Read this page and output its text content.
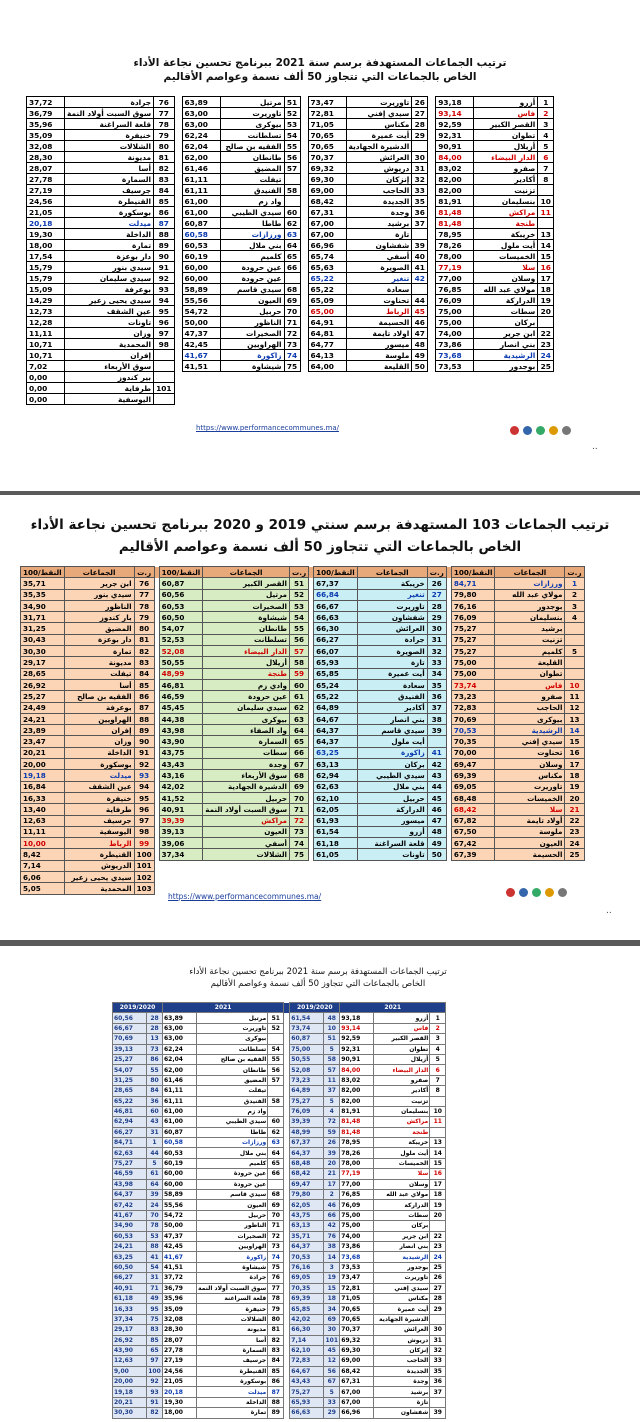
ترتيب الجماعات المستهدفة برسم سنة 2021 ببرنامج تحسين نجاعة الأداء
الخاص بالجماعات التي تتجاوز 50 ألف نسمة وعواصم الأقاليم
1	أزرو	93,18		26	تاوريرت	73,47		51	مرتيل	63,89		76	جرادة	37,72
2	فاس	93,14		27	سيدي إفني	72,81		52	تاوريرت	63,00		77	سوق السبت أولاد النمة	36,79
3	القصر الكبير	92,59		28	مكناس	71,05		53	بيوكرى	63,00		78	قلعة السراغنة	35,96
4	تطوان	92,31		29	أيت عميرة	70,65		54	تسلطانت	62,24		79	خنيفرة	35,09
5	أزيلال	90,91			الدشيرة الجهادية	70,65		55	الفقيه بن صالح	62,04		80	الشلالات	32,08
6	الدار البيضاء	84,00		30	العرائش	70,37		56	طانطان	62,00		81	مديونة	28,30
7	صفرو	83,02		31	دريوش	69,32		57	المضيق	61,46		82	أسا	28,07
8	أكادير	82,00		32	إنزكان	69,30			تيفلت	61,11		83	السمارة	27,78
	تزنيت	82,00		33	الحاجب	69,00		58	الفنيدق	61,11		84	جرسيف	27,19
10	بنسليمان	81,91		35	الجديدة	68,42			واد زم	61,00		85	القنيطرة	24,56
11	مراكش	81,48		36	وجدة	67,31		60	سيدي الطيبي	61,00		86	بوسكورة	21,05
	طنجة	81,48		37	برشيد	67,00		62	طاطا	60,87		87	ميدلت	20,18
13	خريبكة	78,95			تازة	67,00		63	ورزازات	60,58		88	الداخلة	19,30
14	أيت ملول	78,26		39	شفشاون	66,96		64	بني ملال	60,53		89	تمارة	18,00
15	الخميسات	78,00		40	أسفي	65,74		65	كلميم	60,19		90	دار بوعزة	17,54
16	سلا	77,19		41	الصويرة	65,63		66	عين حرودة	60,00		91	سيدي بنور	15,79
17	وسلان	77,00		42	تنغير	65,22			عين حرودة	60,00		92	سيدي سليمان	15,79
18	مولاي عبد الله	76,85			سعادة	65,22		68	سيدي قاسم	58,89		93	بوعرفة	15,09
19	الدراركة	76,09		44	تحناوت	65,09		69	العيون	55,56		94	سيدي يحيى زعير	14,29
20	سطات	75,00		45	الرباط	65,00		70	حربيل	54,72		95	عين الشقف	12,73
	بركان	75,00		46	الحسيمة	64,91		71	الناظور	50,00		96	تاونات	12,28
22	ابن جرير	74,00		47	اولاد تايمة	64,81		72	الصخيرات	47,37		97	وزان	11,11
23	بني انصار	73,86		48	ميسور	64,77		73	الهراويين	42,45		98	المحمدية	10,71
24	الرشيدية	73,68		49	ملوسة	64,13		74	زاكورة	41,67			إفران	10,71
25	بوجدور	73,53		50	القليعة	64,00		75	شيشاوة	41,51			سوق الأربعاء	7,02
													بير كندوز	0,00
												101	طرفاية	0,00
													اليوسفية	0,00
https://www.performancecommunes.ma/
..
ترتيب الجماعات 103 المستهدفة برسم سنتي 2019 و 2020 ببرنامج تحسين نجاعة الأداء
الخاص بالجماعات التي تتجاوز 50 ألف نسمة وعواصم الأقاليم
ر.ت	الجماعات	النقط/100		ر.ت	الجماعات	النقط/100		ر.ت	الجماعات	النقط/100		ر.ت	الجماعات	النقط/100
1	ورزازات	84,71		26	خريبكة	67,37		51	القصر الكبير	60,87		76	ابن جرير	35,71
2	مولاي عبد الله	79,80		27	تنغير	66,84		52	مرتيل	60,56		77	سيدي بنور	35,35
3	بوجدور	76,16		28	تاوريرت	66,67		53	الصخيرات	60,53		78	الناظور	34,90
4	بنسليمان	76,09		29	شفشاون	66,63		54	شيشاوة	60,50		79	بار كندوز	31,71
	برشيد	75,27		30	العرائش	66,30		55	طانطان	54,07		80	المضيق	31,25
	تزنيت	75,27		31	جرادة	66,27		56	تسلطانت	52,53		81	دار بوعزة	30,43
5	كلميم	75,27		32	الصويرة	66,07		57	الدار البيضاء	52,08		82	تمارة	30,30
	القليعة	75,00		33	تازة	65,93		58	أزيلال	50,55		83	مديونة	29,17
	تطوان	75,00		34	أيت عميرة	65,85		59	طنجة	48,99		84	تيفلت	28,65
10	فاس	73,74		35	سعادة	65,24		60	وادي زم	46,81		85	أسا	26,92
11	صفرو	73,23		36	الفنيدق	65,22		61	عين حرودة	46,59		86	الفقيه بن صالح	25,27
12	الحاجب	72,83		37	أكادير	64,89		62	سيدي سليمان	45,45		87	بوعرفة	24,49
13	بيوكرى	70,69		38	بني انصار	64,67		63	بيوكرى	44,38		88	الهراويين	24,21
14	الرشيدية	70,53		39	سيدي قاسم	64,37		64	واد الصفاء	43,98		89	إفران	23,89
15	سيدي إفني	70,35			أيت ملول	64,37		65	السمارة	43,90		90	وزان	23,47
16	تحناوت	70,00		41	زاكورة	63,25		66	سطات	43,75		91	الداخلة	20,21
17	وسلان	69,47		42	بركان	63,13		67	وجدة	43,43		92	بوسكورة	20,00
18	مكناس	69,39		43	سيدي الطيبي	62,94		68	سوق الأربعاء	43,16		93	ميدلت	19,18
19	تاوريرت	69,05		44	بني ملال	62,63		69	الدشيرة الجهادية	42,02		94	عين الشقف	16,84
20	الخميسات	68,48		45	حربيل	62,10		70	حربيل	41,52		95	خنيفرة	16,33
21	سلا	68,42		46	الدراركة	62,05		71	سوق السبت أولاد النمة	40,91		96	طرفاية	13,40
22	أولاد تايمة	67,82		47	ميسور	61,93		72	مراكش	39,39		97	جرسيف	12,63
23	ملوسة	67,50		48	أزرو	61,54		73	العيون	39,13		98	اليوسفية	11,11
24	العيون	67,42		49	قلعة السراغنة	61,18		74	أسفي	39,06		99	الرباط	10,00
25	الحسيمة	67,39		50	تاونات	61,05		75	الشلالات	37,34		100	القنيطرة	8,42
												101	الدريوش	7,14
												102	سيدي يحيى زعير	6,06
												103	المحمدية	5,05
https://www.performancecommunes.ma/
..
ترتيب الجماعات المستهدفة برسم سنة 2021 ببرنامج تحسين نجاعة الأداء
الخاص بالجماعات التي تتجاوز 50 ألف نسمة وعواصم الأقاليم
2021			2019/2020			2021			2019/2020	
1	أزرو	93,18	48	61,54		51	مرتيل	63,89	28	60,56
2	فاس	93,14	10	73,74		52	تاوريرت	63,00	28	66,67
3	القصر الكبير	92,59	51	60,87			بيوكرى	63,00	13	70,69
4	تطوان	92,31	5	75,00		54	تسلطانت	62,24	73	39,13
5	أزيلال	90,91	58	50,55		55	الفقيه بن صالح	62,04	86	25,27
6	الدار البيضاء	84,00	57	52,08		56	طانطان	62,00	55	54,07
7	صفرو	83,02	11	73,23		57	المضيق	61,46	80	31,25
8	أكادير	82,00	37	64,89			تيفلت	61,11	84	28,65
	تزنيت	82,00	5	75,27		58	الفنيدق	61,11	36	65,22
10	بنسليمان	81,91	4	76,09			واد زم	61,00	60	46,81
11	مراكش	81,48	72	39,39		60	سيدي الطيبي	61,00	43	62,94
	طنجة	81,48	59	48,99		62	طاطا	60,87	31	66,27
13	خريبكة	78,95	26	67,37		63	ورزازات	60,58	1	84,71
14	أيت ملول	78,26	39	64,37		64	بني ملال	60,53	44	62,63
15	الخميسات	78,00	20	68,48		65	كلميم	60,19	5	75,27
16	سلا	77,19	21	68,42		66	عين حرودة	60,00	61	46,59
17	وسلان	77,00	17	69,47			عين حرودة	60,00	64	43,98
18	مولاي عبد الله	76,85	2	79,80		68	سيدي قاسم	58,89	39	64,37
19	الدراركة	76,09	46	62,05		69	العيون	55,56	24	67,42
20	سطات	75,00	66	43,75		70	حربيل	54,72	70	41,67
	بركان	75,00	42	63,13		71	الناظور	50,00	78	34,90
22	ابن جرير	74,00	76	35,71		72	الصخيرات	47,37	53	60,53
23	بني انصار	73,86	38	64,37		73	الهراويين	42,45	88	24,21
24	الرشيدية	73,68	14	70,53		74	زاكورة	41,67	41	63,25
25	بوجدور	73,53	3	76,16		75	شيشاوة	41,51	54	60,50
26	تاوريرت	73,47	19	69,05		76	جرادة	37,72	31	66,27
27	سيدي إفني	72,81	15	70,35		77	سوق السبت أولاد النمة	36,79	71	40,91
28	مكناس	71,05	18	69,39		78	قلعة السراغنة	35,96	49	61,18
29	أيت عميرة	70,65	34	65,85		79	خنيفرة	35,09	95	16,33
	الدشيرة الجهادية	70,65	69	42,02		80	الشلالات	32,08	75	37,34
30	العرائش	70,37	30	66,30		81	مديونة	28,30	83	29,17
31	دريوش	69,32	101	7,14		82	أسا	28,07	85	26,92
32	إنزكان	69,30	45	62,10		83	السمارة	27,78	65	43,90
33	الحاجب	69,00	12	72,83		84	جرسيف	27,19	97	12,63
35	الجديدة	68,42	56	64,67		85	القنيطرة	24,56	100	9,00
36	وجدة	67,31	67	43,43		86	بوسكورة	21,05	92	20,00
37	برشيد	67,00	5	75,27		87	ميدلت	20,18	93	19,18
	تازة	67,00	33	65,93		88	الداخلة	19,30	91	20,21
39	شفشاون	66,96	29	66,63		89	تمارة	18,00	82	30,30
